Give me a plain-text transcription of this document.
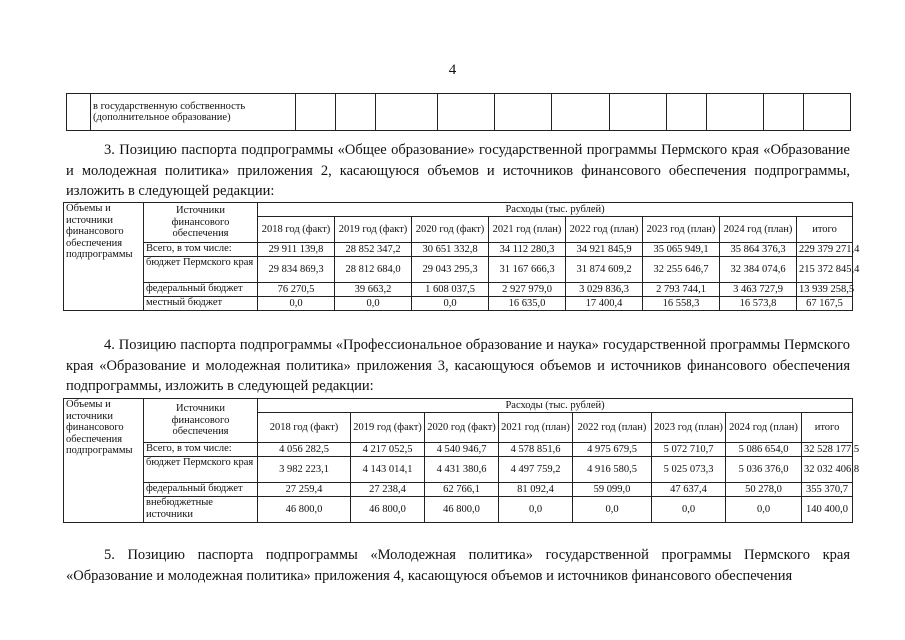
4
	в государственную собственность (дополнительное образование)											

3. Позицию паспорта подпрограммы «Общее образование» государственной программы Пермского края «Образование и молодежная политика» приложения 2, касающуюся объемов и источников финансового обеспечения подпрограммы, изложить в следующей редакции:

Объемы и источники финансового обеспечения подпрограммы	Источники финансового обеспечения	Расходы (тыс. рублей)							
		2018 год (факт)	2019 год (факт)	2020 год (факт)	2021 год (план)	2022 год (план)	2023 год (план)	2024 год (план)	итого
	Всего, в том числе:	29 911 139,8	28 852 347,2	30 651 332,8	34 112 280,3	34 921 845,9	35 065 949,1	35 864 376,3	229 379 271,4
	бюджет Пермского края	29 834 869,3	28 812 684,0	29 043 295,3	31 167 666,3	31 874 609,2	32 255 646,7	32 384 074,6	215 372 845,4
	федеральный бюджет	76 270,5	39 663,2	1 608 037,5	2 927 979,0	3 029 836,3	2 793 744,1	3 463 727,9	13 939 258,5
	местный бюджет	0,0	0,0	0,0	16 635,0	17 400,4	16 558,3	16 573,8	67 167,5

4. Позицию паспорта подпрограммы «Профессиональное образование и наука» государственной программы Пермского края «Образование и молодежная политика» приложения 3, касающуюся объемов и источников финансового обеспечения подпрограммы, изложить в следующей редакции:

Объемы и источники финансового обеспечения подпрограммы	Источники финансового обеспечения	Расходы (тыс. рублей)							
		2018 год (факт)	2019 год (факт)	2020 год (факт)	2021 год (план)	2022 год (план)	2023 год (план)	2024 год (план)	итого
	Всего, в том числе:	4 056 282,5	4 217 052,5	4 540 946,7	4 578 851,6	4 975 679,5	5 072 710,7	5 086 654,0	32 528 177,5
	бюджет Пермского края	3 982 223,1	4 143 014,1	4 431 380,6	4 497 759,2	4 916 580,5	5 025 073,3	5 036 376,0	32 032 406,8
	федеральный бюджет	27 259,4	27 238,4	62 766,1	81 092,4	59 099,0	47 637,4	50 278,0	355 370,7
	внебюджетные источники	46 800,0	46 800,0	46 800,0	0,0	0,0	0,0	0,0	140 400,0

5. Позицию паспорта подпрограммы «Молодежная политика» государственной программы Пермского края «Образование и молодежная политика» приложения 4, касающуюся объемов и источников финансового обеспечения
